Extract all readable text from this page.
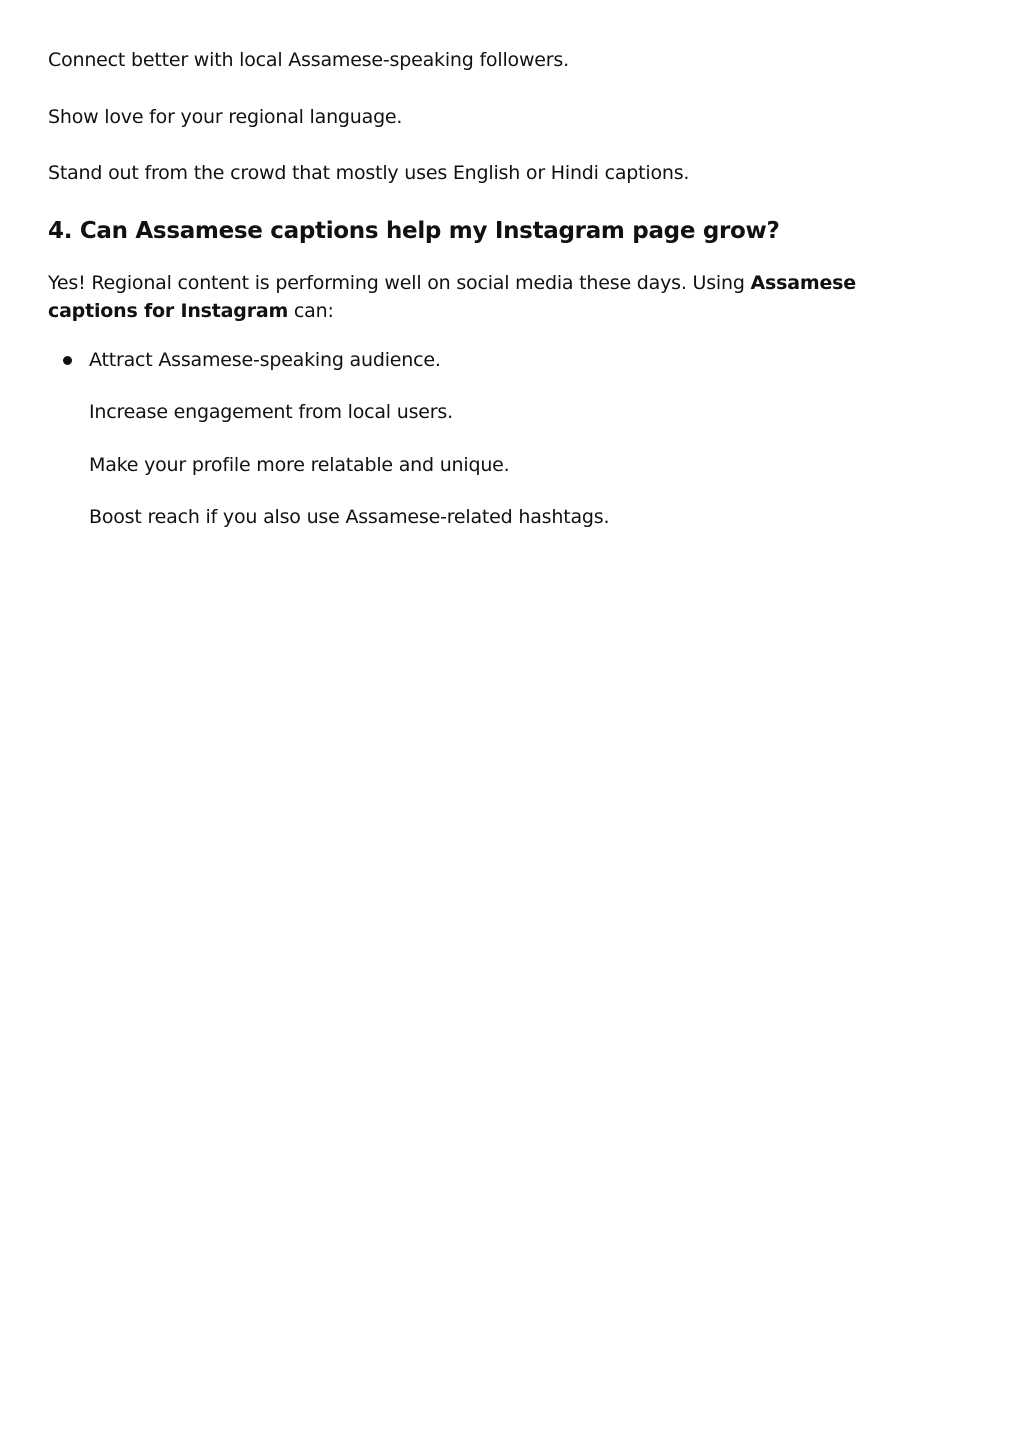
Connect better with local Assamese-speaking followers.

Show love for your regional language.

Stand out from the crowd that mostly uses English or Hindi captions.

4. Can Assamese captions help my Instagram page grow?

Yes! Regional content is performing well on social media these days. Using Assamese captions for Instagram can:

Attract Assamese-speaking audience.
Increase engagement from local users.
Make your profile more relatable and unique.
Boost reach if you also use Assamese-related hashtags.
